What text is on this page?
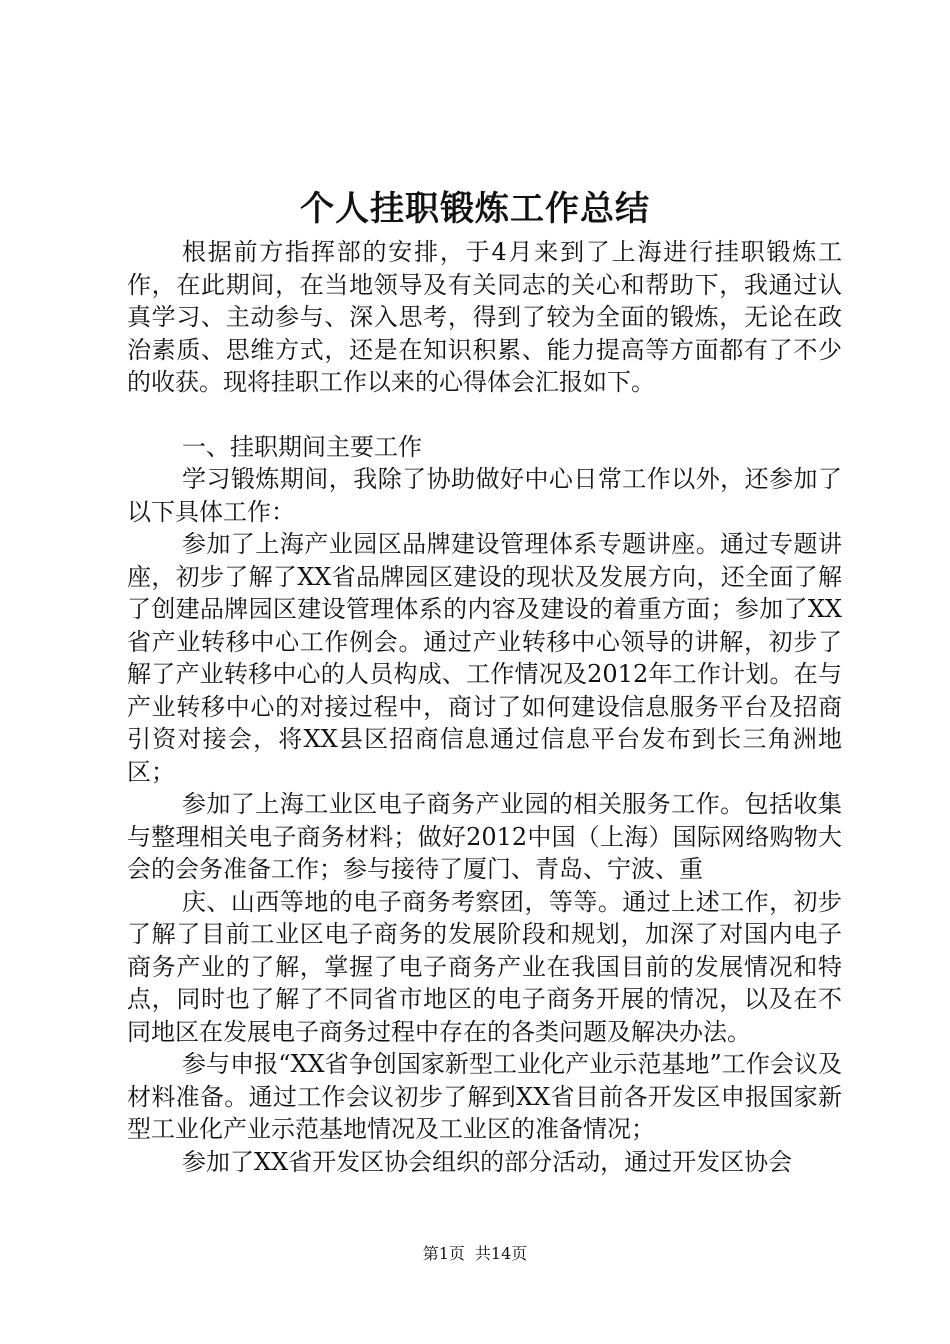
个人挂职锻炼工作总结

根据前方指挥部的安排，于4月来到了上海进行挂职锻炼工作，在此期间，在当地领导及有关同志的关心和帮助下，我通过认真学习、主动参与、深入思考，得到了较为全面的锻炼，无论在政治素质、思维方式，还是在知识积累、能力提高等方面都有了不少的收获。现将挂职工作以来的心得体会汇报如下。

一、挂职期间主要工作

学习锻炼期间，我除了协助做好中心日常工作以外，还参加了以下具体工作：

参加了上海产业园区品牌建设管理体系专题讲座。通过专题讲座，初步了解了XX省品牌园区建设的现状及发展方向，还全面了解了创建品牌园区建设管理体系的内容及建设的着重方面；参加了XX省产业转移中心工作例会。通过产业转移中心领导的讲解，初步了解了产业转移中心的人员构成、工作情况及2012年工作计划。在与产业转移中心的对接过程中，商讨了如何建设信息服务平台及招商引资对接会，将XX县区招商信息通过信息平台发布到长三角洲地区；

参加了上海工业区电子商务产业园的相关服务工作。包括收集与整理相关电子商务材料；做好2012中国（上海）国际网络购物大会的会务准备工作；参与接待了厦门、青岛、宁波、重

庆、山西等地的电子商务考察团，等等。通过上述工作，初步了解了目前工业区电子商务的发展阶段和规划，加深了对国内电子商务产业的了解，掌握了电子商务产业在我国目前的发展情况和特点，同时也了解了不同省市地区的电子商务开展的情况，以及在不同地区在发展电子商务过程中存在的各类问题及解决办法。

参与申报“XX省争创国家新型工业化产业示范基地”工作会议及材料准备。通过工作会议初步了解到XX省目前各开发区申报国家新型工业化产业示范基地情况及工业区的准备情况；

参加了XX省开发区协会组织的部分活动，通过开发区协会

第1页 共14页
